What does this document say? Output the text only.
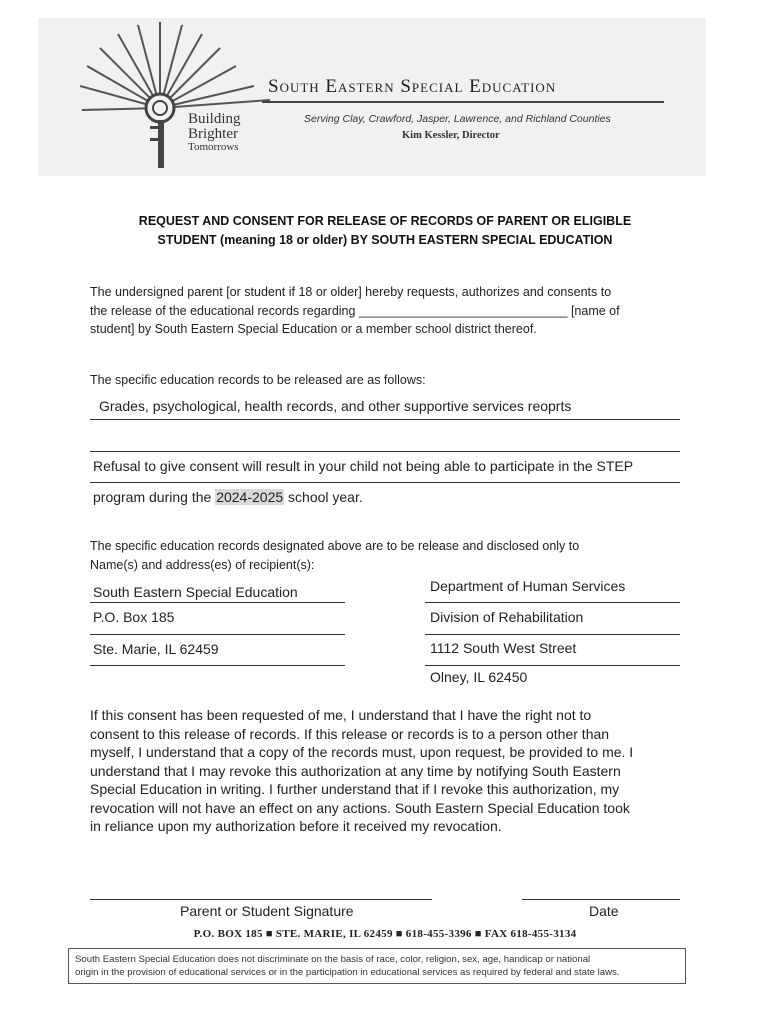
Building
Brighter
Tomorrows
South Eastern Special Education
Serving Clay, Crawford, Jasper, Lawrence, and Richland Counties
Kim Kessler, Director
REQUEST AND CONSENT FOR RELEASE OF RECORDS OF PARENT OR ELIGIBLE
STUDENT (meaning 18 or older) BY SOUTH EASTERN SPECIAL EDUCATION
The undersigned parent [or student if 18 or older] hereby requests, authorizes and consents to
the release of the educational records regarding ______________________________ [name of
student] by South Eastern Special Education or a member school district thereof.
The specific education records to be released are as follows:
Grades, psychological, health records, and other supportive services reoprts
Refusal to give consent will result in your child not being able to participate in the STEP
program during the 2024-2025 school year.
The specific education records designated above are to be release and disclosed only to
Name(s) and address(es) of recipient(s):
South Eastern Special Education
P.O. Box 185
Ste. Marie, IL 62459
Department of Human Services
Division of Rehabilitation
1112 South West Street
Olney, IL 62450
If this consent has been requested of me, I understand that I have the right not to
consent to this release of records. If this release or records is to a person other than
myself, I understand that a copy of the records must, upon request, be provided to me. I
understand that I may revoke this authorization at any time by notifying South Eastern
Special Education in writing. I further understand that if I revoke this authorization, my
revocation will not have an effect on any actions. South Eastern Special Education took
in reliance upon my authorization before it received my revocation.
Parent or Student Signature	Date
P.O. BOX 185 ■ STE. MARIE, IL 62459 ■ 618-455-3396 ■ FAX 618-455-3134
South Eastern Special Education does not discriminate on the basis of race, color, religion, sex, age, handicap or national
origin in the provision of educational services or in the participation in educational services as required by federal and state laws.
